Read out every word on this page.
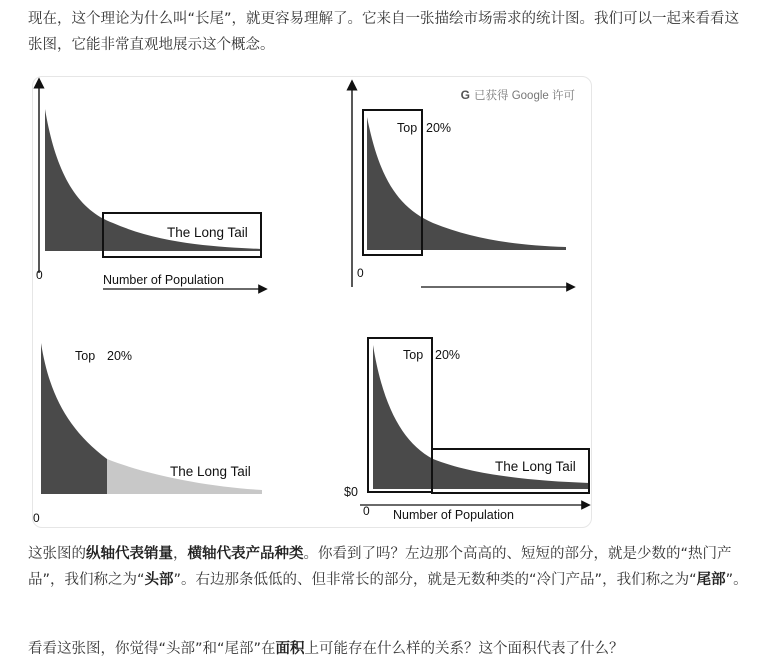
现在，这个理论为什么叫“长尾”，就更容易理解了。它来自一张描绘市场需求的统计图。我们可以一起来看看这张图，它能非常直观地展示这个概念。
G 已获得 Google 许可
The Long Tail
0	Number of Population
Top 20%
0
Top 20%
The Long Tail
0
Top 20%
The Long Tail
$0
0 Number of Population
这张图的纵轴代表销量，横轴代表产品种类。你看到了吗？左边那个高高的、短短的部分，就是少数的“热门产品”，我们称之为“头部”。右边那条低低的、但非常长的部分，就是无数种类的“冷门产品”，我们称之为“尾部”。
看看这张图，你觉得“头部”和“尾部”在面积上可能存在什么样的关系？这个面积代表了什么？
